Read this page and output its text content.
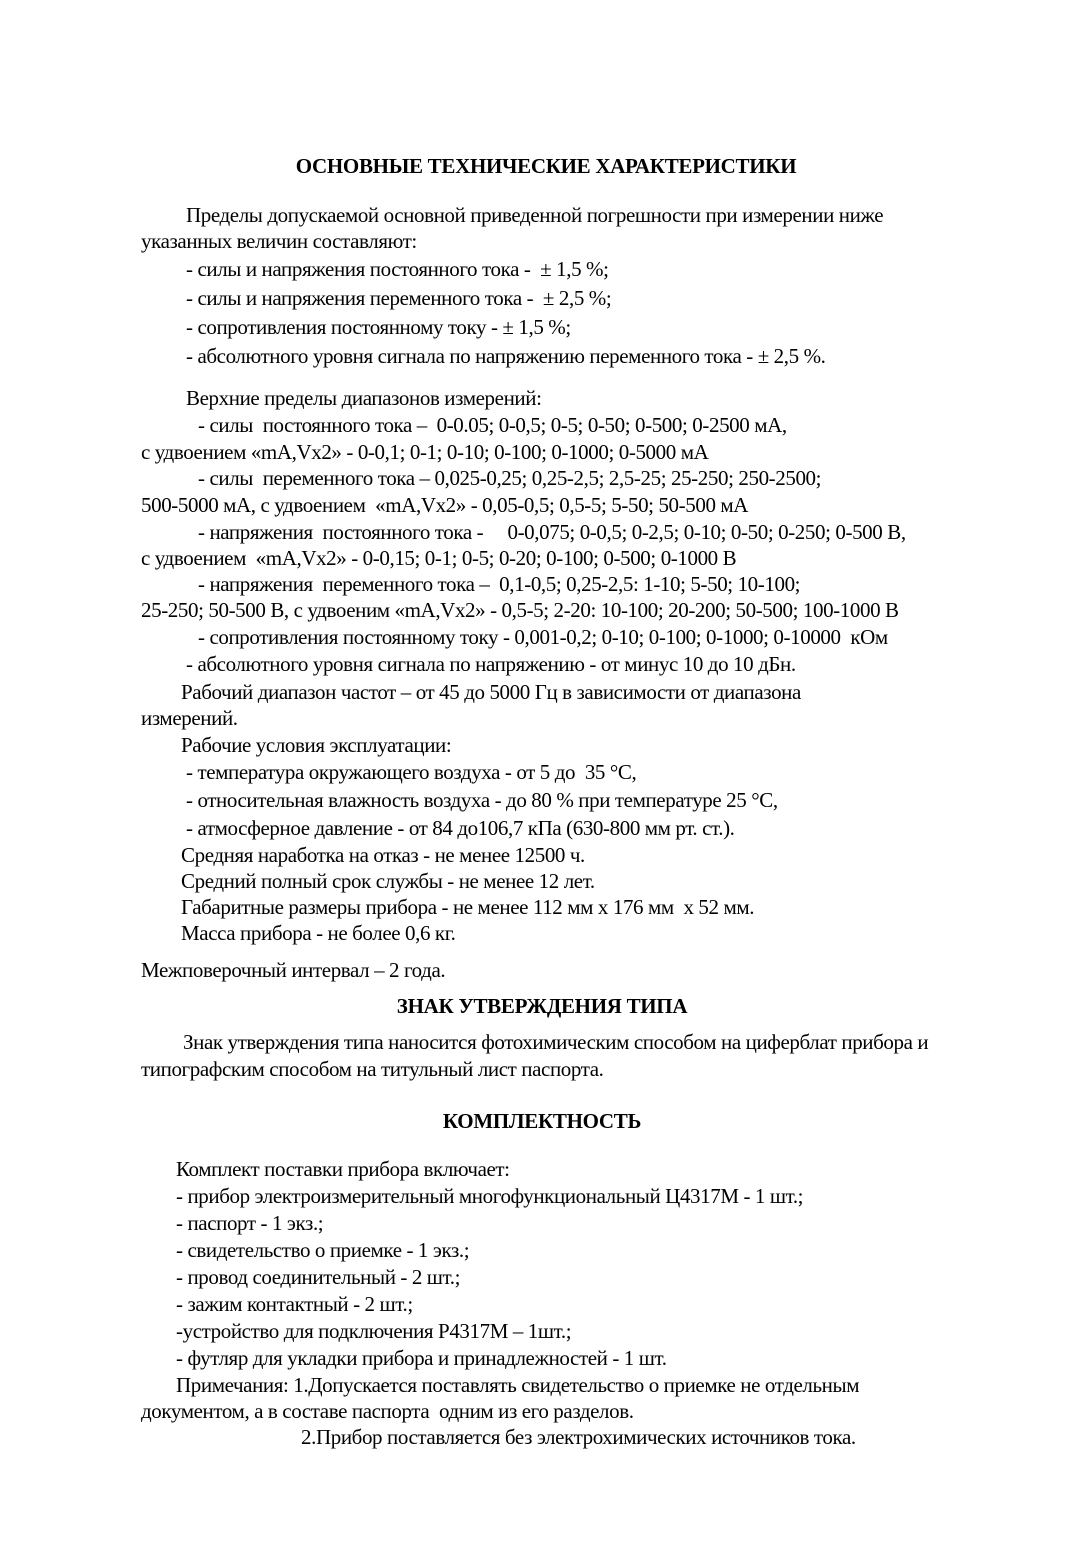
ОСНОВНЫЕ ТЕХНИЧЕСКИЕ ХАРАКТЕРИСТИКИ
Пределы допускаемой основной приведенной погрешности при измерении ниже
указанных величин составляют:
- силы и напряжения постоянного тока -  ± 1,5 %;
- силы и напряжения переменного тока -  ± 2,5 %;
- сопротивления постоянному току - ± 1,5 %;
- абсолютного уровня сигнала по напряжению переменного тока - ± 2,5 %.
Верхние пределы диапазонов измерений:
- силы  постоянного тока –  0-0.05; 0-0,5; 0-5; 0-50; 0-500; 0-2500 мА,
с удвоением «mA,Vx2» - 0-0,1; 0-1; 0-10; 0-100; 0-1000; 0-5000 мА
- силы  переменного тока – 0,025-0,25; 0,25-2,5; 2,5-25; 25-250; 250-2500;
500-5000 мА, с удвоением  «mA,Vx2» - 0,05-0,5; 0,5-5; 5-50; 50-500 мА
- напряжения  постоянного тока -     0-0,075; 0-0,5; 0-2,5; 0-10; 0-50; 0-250; 0-500 В,
с удвоением  «mA,Vx2» - 0-0,15; 0-1; 0-5; 0-20; 0-100; 0-500; 0-1000 В
- напряжения  переменного тока –  0,1-0,5; 0,25-2,5: 1-10; 5-50; 10-100;
25-250; 50-500 В, с удвоеним «mA,Vx2» - 0,5-5; 2-20: 10-100; 20-200; 50-500; 100-1000 В
- сопротивления постоянному току - 0,001-0,2; 0-10; 0-100; 0-1000; 0-10000  кОм
- абсолютного уровня сигнала по напряжению - от минус 10 до 10 дБн.
Рабочий диапазон частот – от 45 до 5000 Гц в зависимости от диапазона
измерений.
Рабочие условия эксплуатации:
- температура окружающего воздуха - от 5 до  35 °С,
- относительная влажность воздуха - до 80 % при температуре 25 °С,
- атмосферное давление - от 84 до106,7 кПа (630-800 мм рт. ст.).
Средняя наработка на отказ - не менее 12500 ч.
Средний полный срок службы - не менее 12 лет.
Габаритные размеры прибора - не менее 112 мм х 176 мм  х 52 мм.
Масса прибора - не более 0,6 кг.
Межповерочный интервал – 2 года.
ЗНАК УТВЕРЖДЕНИЯ ТИПА
Знак утверждения типа наносится фотохимическим способом на циферблат прибора и
типографским способом на титульный лист паспорта.
КОМПЛЕКТНОСТЬ
Комплект поставки прибора включает:
- прибор электроизмерительный многофункциональный Ц4317М - 1 шт.;
- паспорт - 1 экз.;
- свидетельство о приемке - 1 экз.;
- провод соединительный - 2 шт.;
- зажим контактный - 2 шт.;
-устройство для подключения Р4317М – 1шт.;
- футляр для укладки прибора и принадлежностей - 1 шт.
Примечания: 1.Допускается поставлять свидетельство о приемке не отдельным
документом, а в составе паспорта  одним из его разделов.
2.Прибор поставляется без электрохимических источников тока.
